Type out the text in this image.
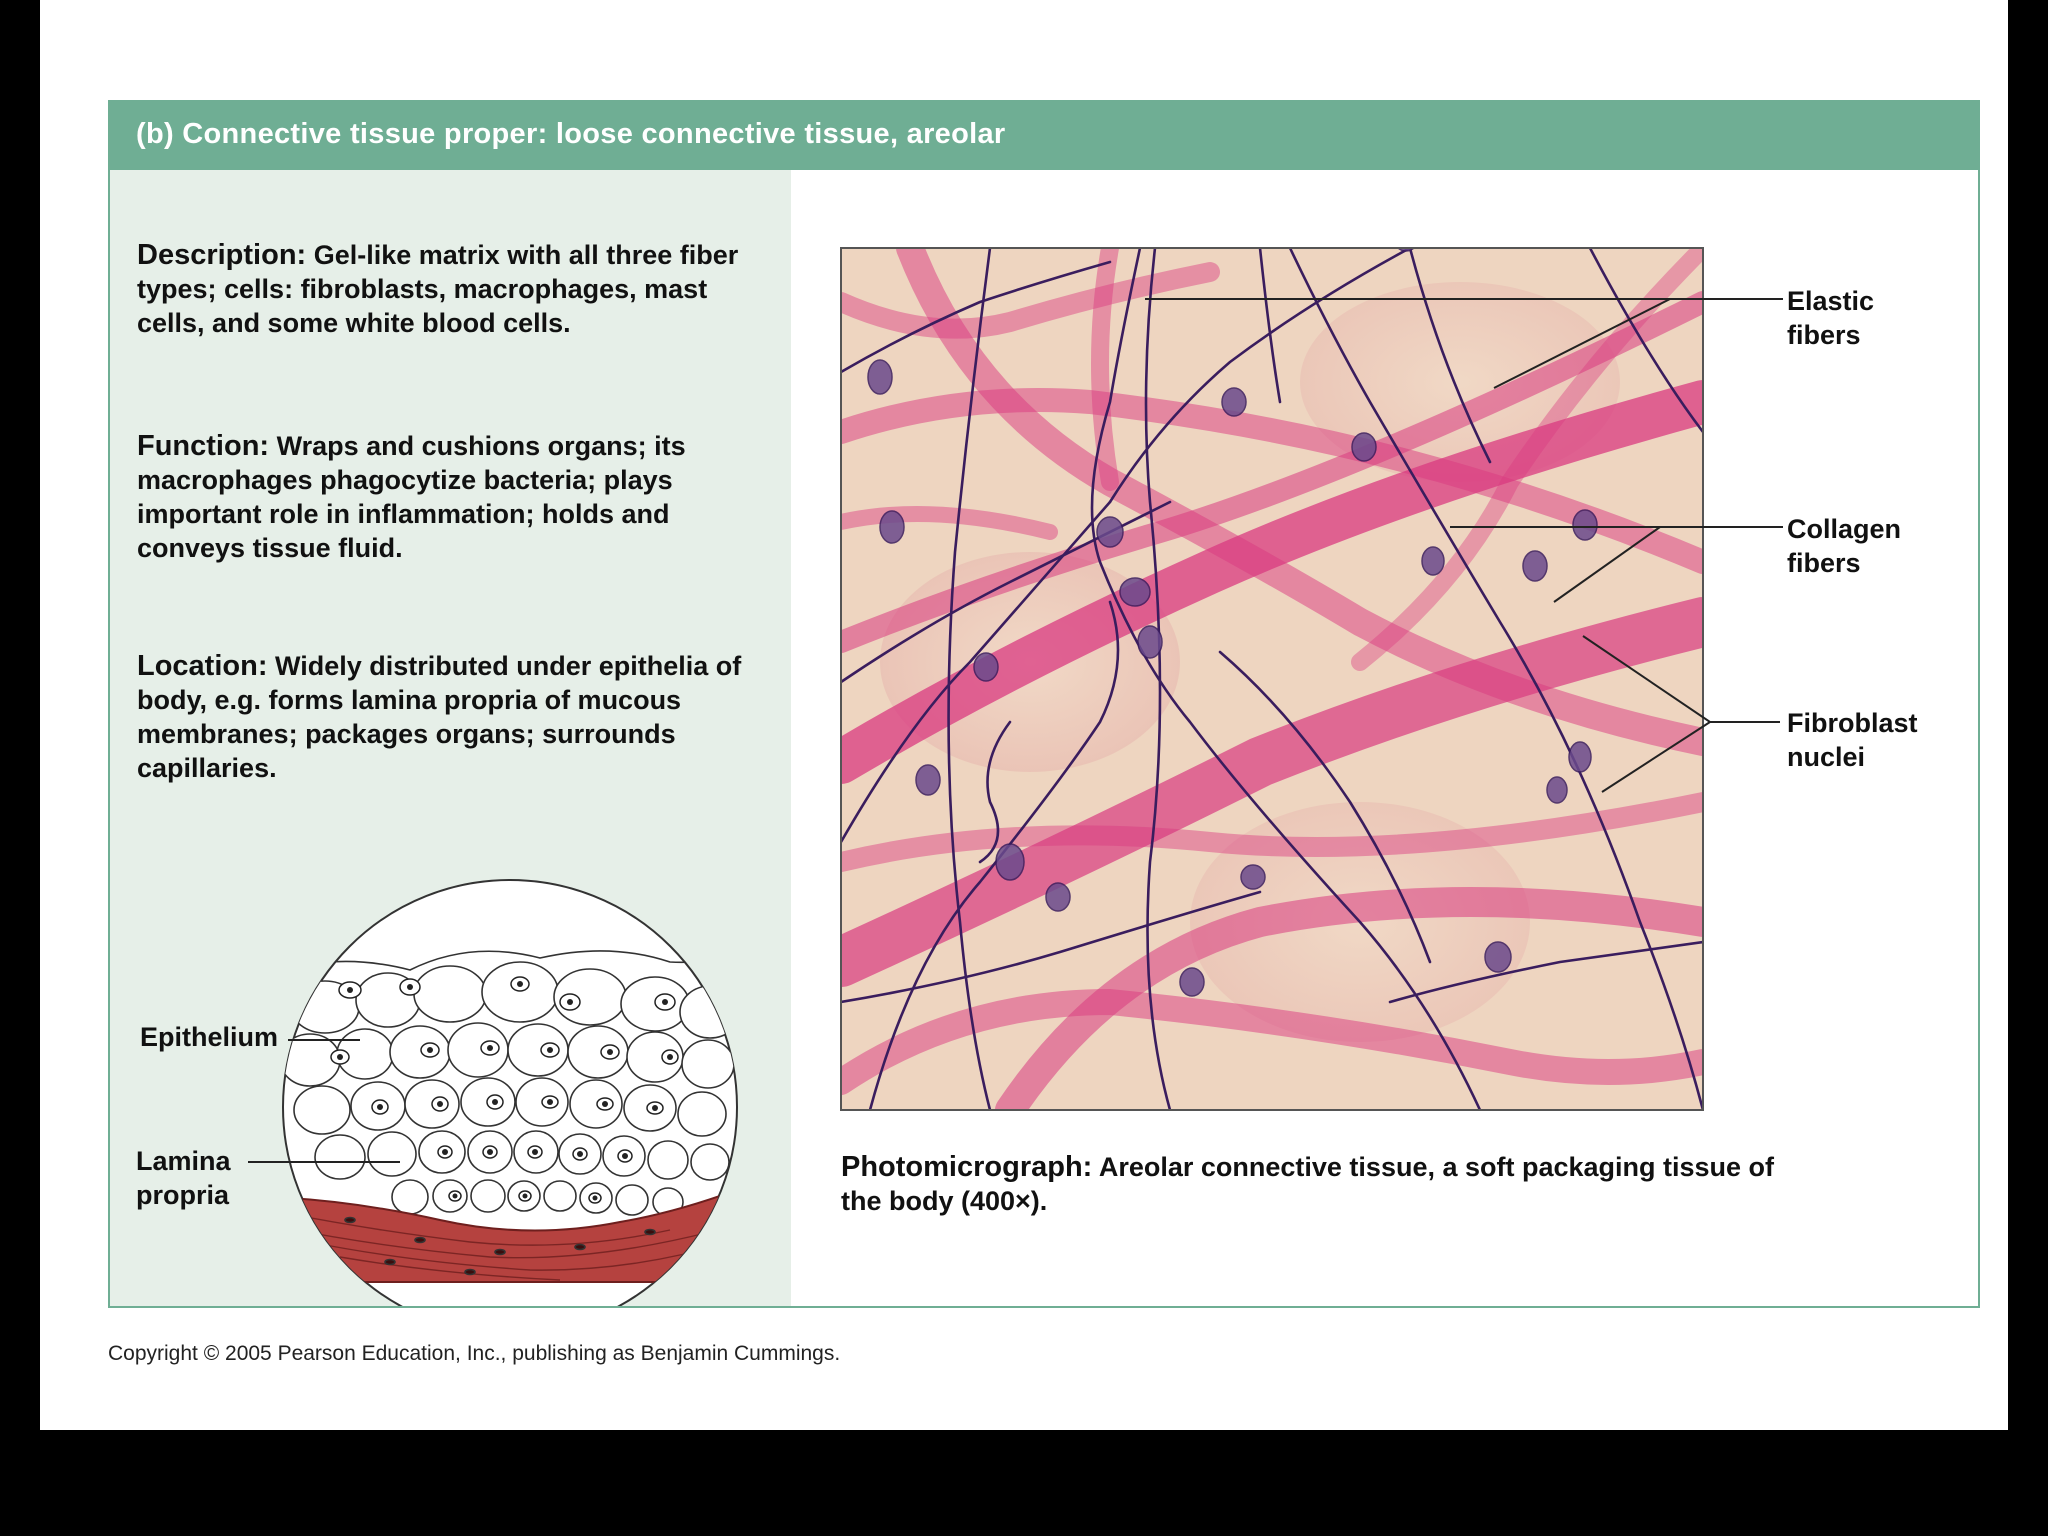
(b) Connective tissue proper: loose connective tissue, areolar
Description: Gel-like matrix with all three fiber types; cells: fibroblasts, macrophages, mast cells, and some white blood cells.
Function: Wraps and cushions organs; its macrophages phagocytize bacteria; plays important role in inflammation; holds and conveys tissue fluid.
Location: Widely distributed under epithelia of body, e.g. forms lamina propria of mucous membranes; packages organs; surrounds capillaries.
Epithelium
Lamina
propria
Elastic
fibers
Collagen
fibers
Fibroblast
nuclei
Photomicrograph: Areolar connective tissue, a soft packaging tissue of the body (400×).
Copyright © 2005 Pearson Education, Inc., publishing as Benjamin Cummings.
